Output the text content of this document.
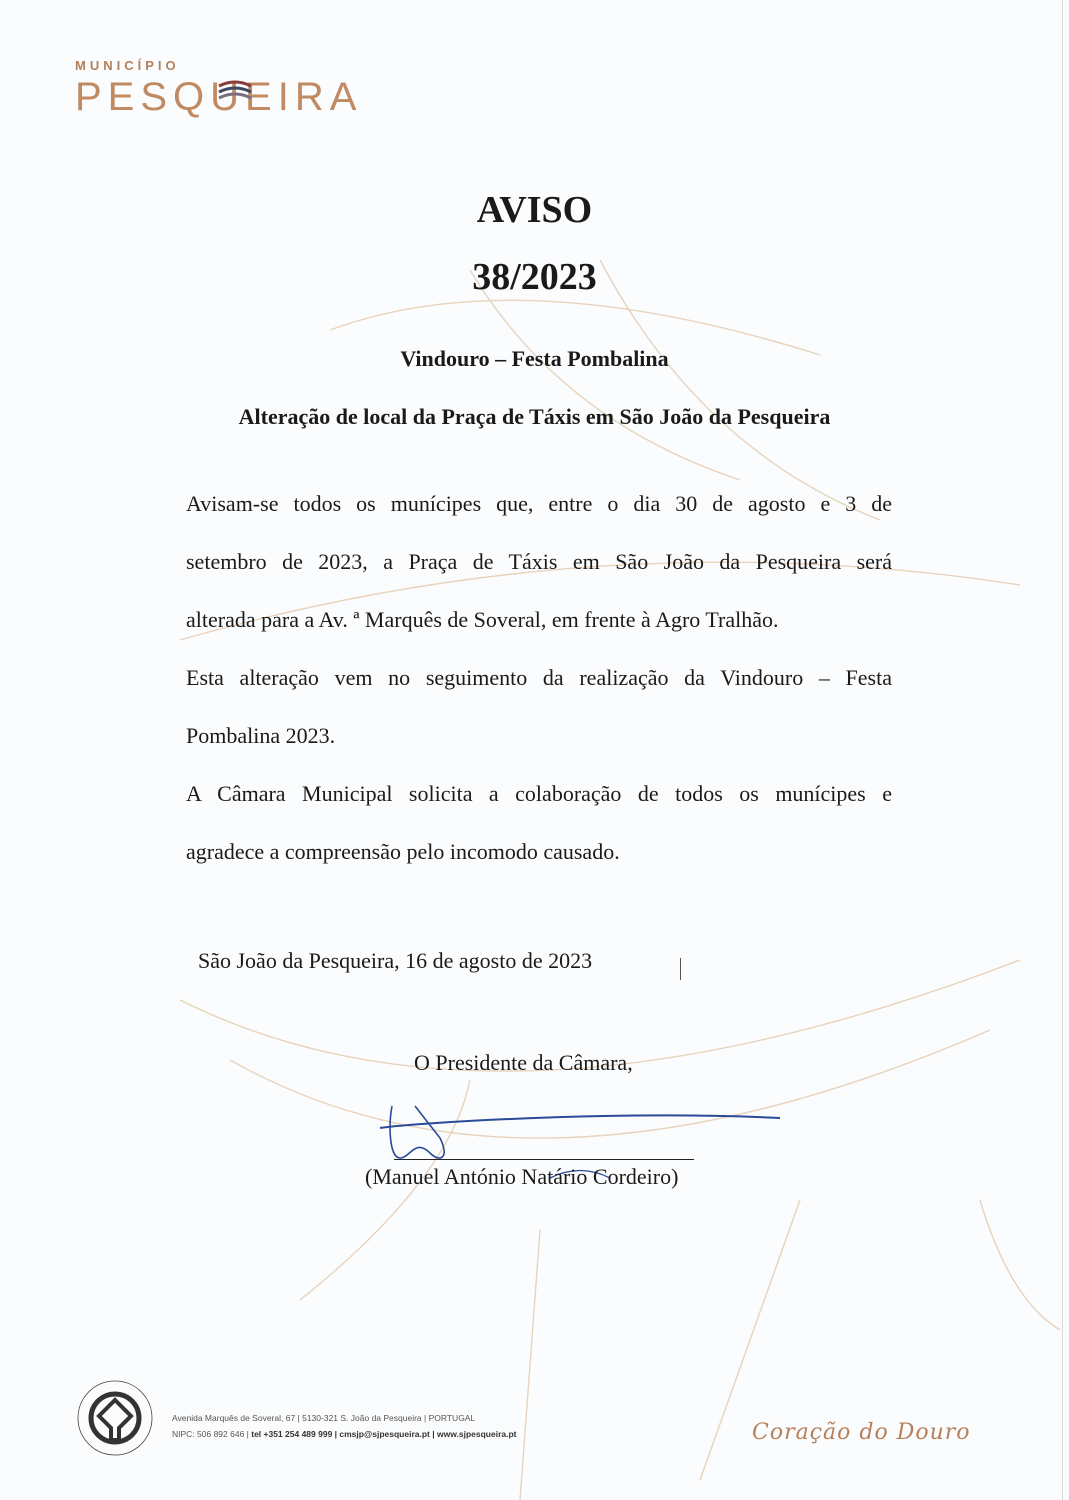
MUNICÍPIO
PESQUEIRA
AVISO
38/2023
Vindouro – Festa Pombalina
Alteração de local da Praça de Táxis em São João da Pesqueira

Avisam-se todos os munícipes que, entre o dia 30 de agosto e 3 de

setembro de 2023, a Praça de Táxis em São João da Pesqueira será

alterada para a Av. ª Marquês de Soveral, em frente à Agro Tralhão.

Esta alteração vem no seguimento da realização da Vindouro – Festa

Pombalina 2023.

A Câmara Municipal solicita a colaboração de todos os munícipes e

agradece a compreensão pelo incomodo causado.

São João da Pesqueira, 16 de agosto de 2023
O Presidente da Câmara,
(Manuel António Natário Cordeiro)
Avenida Marquês de Soveral, 67 | 5130-321 S. João da Pesqueira | PORTUGAL
NIPC: 506 892 646 | tel +351 254 489 999 | cmsjp@sjpesqueira.pt | www.sjpesqueira.pt	Coração do Douro
